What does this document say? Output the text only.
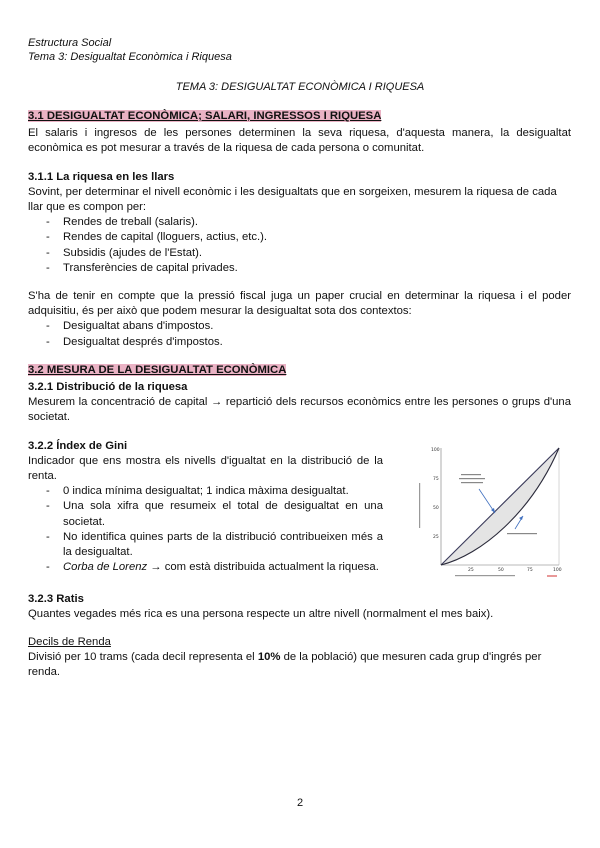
Estructura Social
Tema 3: Desigualtat Econòmica i Riquesa
TEMA 3: DESIGUALTAT ECONÒMICA I RIQUESA
3.1 DESIGUALTAT ECONÒMICA; SALARI, INGRESSOS I RIQUESA

El salaris i ingresos de les persones determinen la seva riquesa, d'aquesta manera, la desigualtat econòmica es pot mesurar a través de la riquesa de cada persona o comunitat.

3.1.1 La riquesa en les llars

Sovint, per determinar el nivell econòmic i les desigualtats que en sorgeixen, mesurem la riquesa de cada llar que es compon per:

- Rendes de treball (salaris).
- Rendes de capital (lloguers, actius, etc.).
- Subsidis (ajudes de l'Estat).
- Transferències de capital privades.

S'ha de tenir en compte que la pressió fiscal juga un paper crucial en determinar la riquesa i el poder adquisitiu, és per això que podem mesurar la desigualtat sota dos contextos:

- Desigualtat abans d'impostos.
- Desigualtat després d'impostos.
3.2 MESURA DE LA DESIGUALTAT ECONÒMICA

3.2.1 Distribució de la riquesa

Mesurem la concentració de capital → repartició dels recursos econòmics entre les persones o grups d'una societat.

3.2.2 Índex de Gini

Indicador que ens mostra els nivells d'igualtat en la distribució de la renta.

- 0 indica mínima desigualtat; 1 indica màxima desigualtat.
- Una sola xifra que resumeix el total de desigualtat en una societat.
- No identifica quines parts de la distribució contribueixen més a la desigualtat.
- Corba de Lorenz → com està distribuida actualment la riquesa.
100
75
50
25
25	50	75	100

3.2.3 Ratis

Quantes vegades més rica es una persona respecte un altre nivell (normalment el mes baix).

Decils de Renda

Divisió per 10 trams (cada decil representa el 10% de la població) que mesuren cada grup d'ingrés per renda.

2
